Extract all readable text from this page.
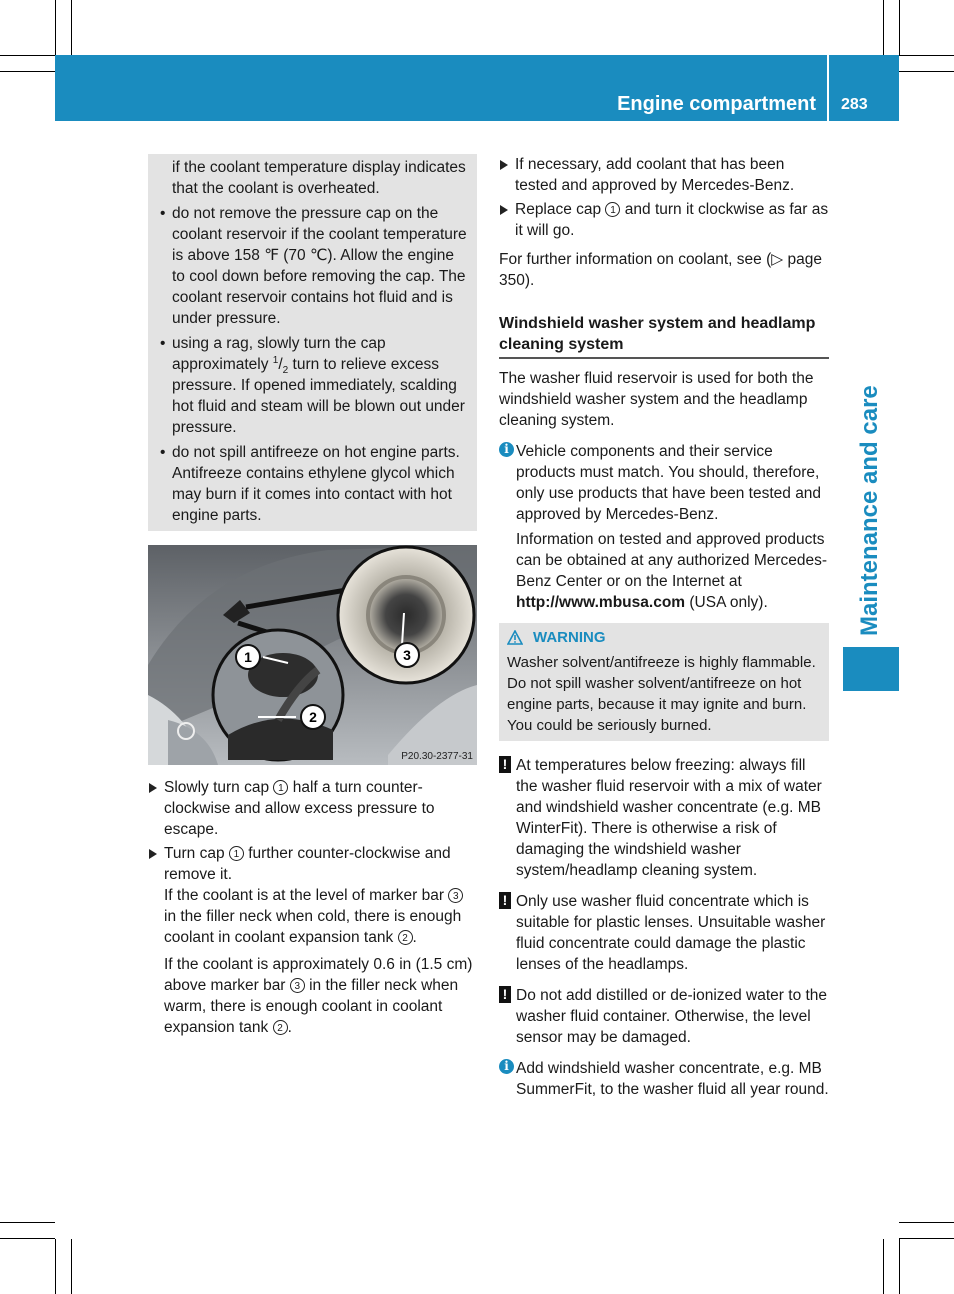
Engine compartment 283
Maintenance and care

if the coolant temperature display indicates that the coolant is overheated.

• do not remove the pressure cap on the coolant reservoir if the coolant temperature is above 158 ℉ (70 ℃). Allow the engine to cool down before removing the cap. The coolant reservoir contains hot fluid and is under pressure.
• using a rag, slowly turn the cap approximately $^1/_2$ turn to relieve excess pressure. If opened immediately, scalding hot fluid and steam will be blown out under pressure.
• do not spill antifreeze on hot engine parts. Antifreeze contains ethylene glycol which may burn if it comes into contact with hot engine parts.
1
2
3
P20.30-2377-31
Slowly turn cap 1 half a turn counter-clockwise and allow excess pressure to escape.
Turn cap 1 further counter-clockwise and remove it.

If the coolant is at the level of marker bar 3 in the filler neck when cold, there is enough coolant in coolant expansion tank 2 .

If the coolant is approximately 0.6 in (1.5 cm) above marker bar 3 in the filler neck when warm, there is enough coolant in coolant expansion tank 2 .

If necessary, add coolant that has been tested and approved by Mercedes-Benz.
Replace cap 1 and turn it clockwise as far as it will go.

For further information on coolant, see (▷ page 350).

Windshield washer system and headlamp cleaning system

The washer fluid reservoir is used for both the windshield washer system and the headlamp cleaning system.

i Vehicle components and their service products must match. You should, therefore, only use products that have been tested and approved by Mercedes-Benz.

Information on tested and approved products can be obtained at any authorized Mercedes-Benz Center or on the Internet at http://www.mbusa.com (USA only).

WARNING

Washer solvent/antifreeze is highly flammable. Do not spill washer solvent/antifreeze on hot engine parts, because it may ignite and burn. You could be seriously burned.

! At temperatures below freezing: always fill the washer fluid reservoir with a mix of water and windshield washer concentrate (e.g. MB WinterFit). There is otherwise a risk of damaging the windshield washer system/headlamp cleaning system.

! Only use washer fluid concentrate which is suitable for plastic lenses. Unsuitable washer fluid concentrate could damage the plastic lenses of the headlamps.

! Do not add distilled or de-ionized water to the washer fluid container. Otherwise, the level sensor may be damaged.

i Add windshield washer concentrate, e.g. MB SummerFit, to the washer fluid all year round.
